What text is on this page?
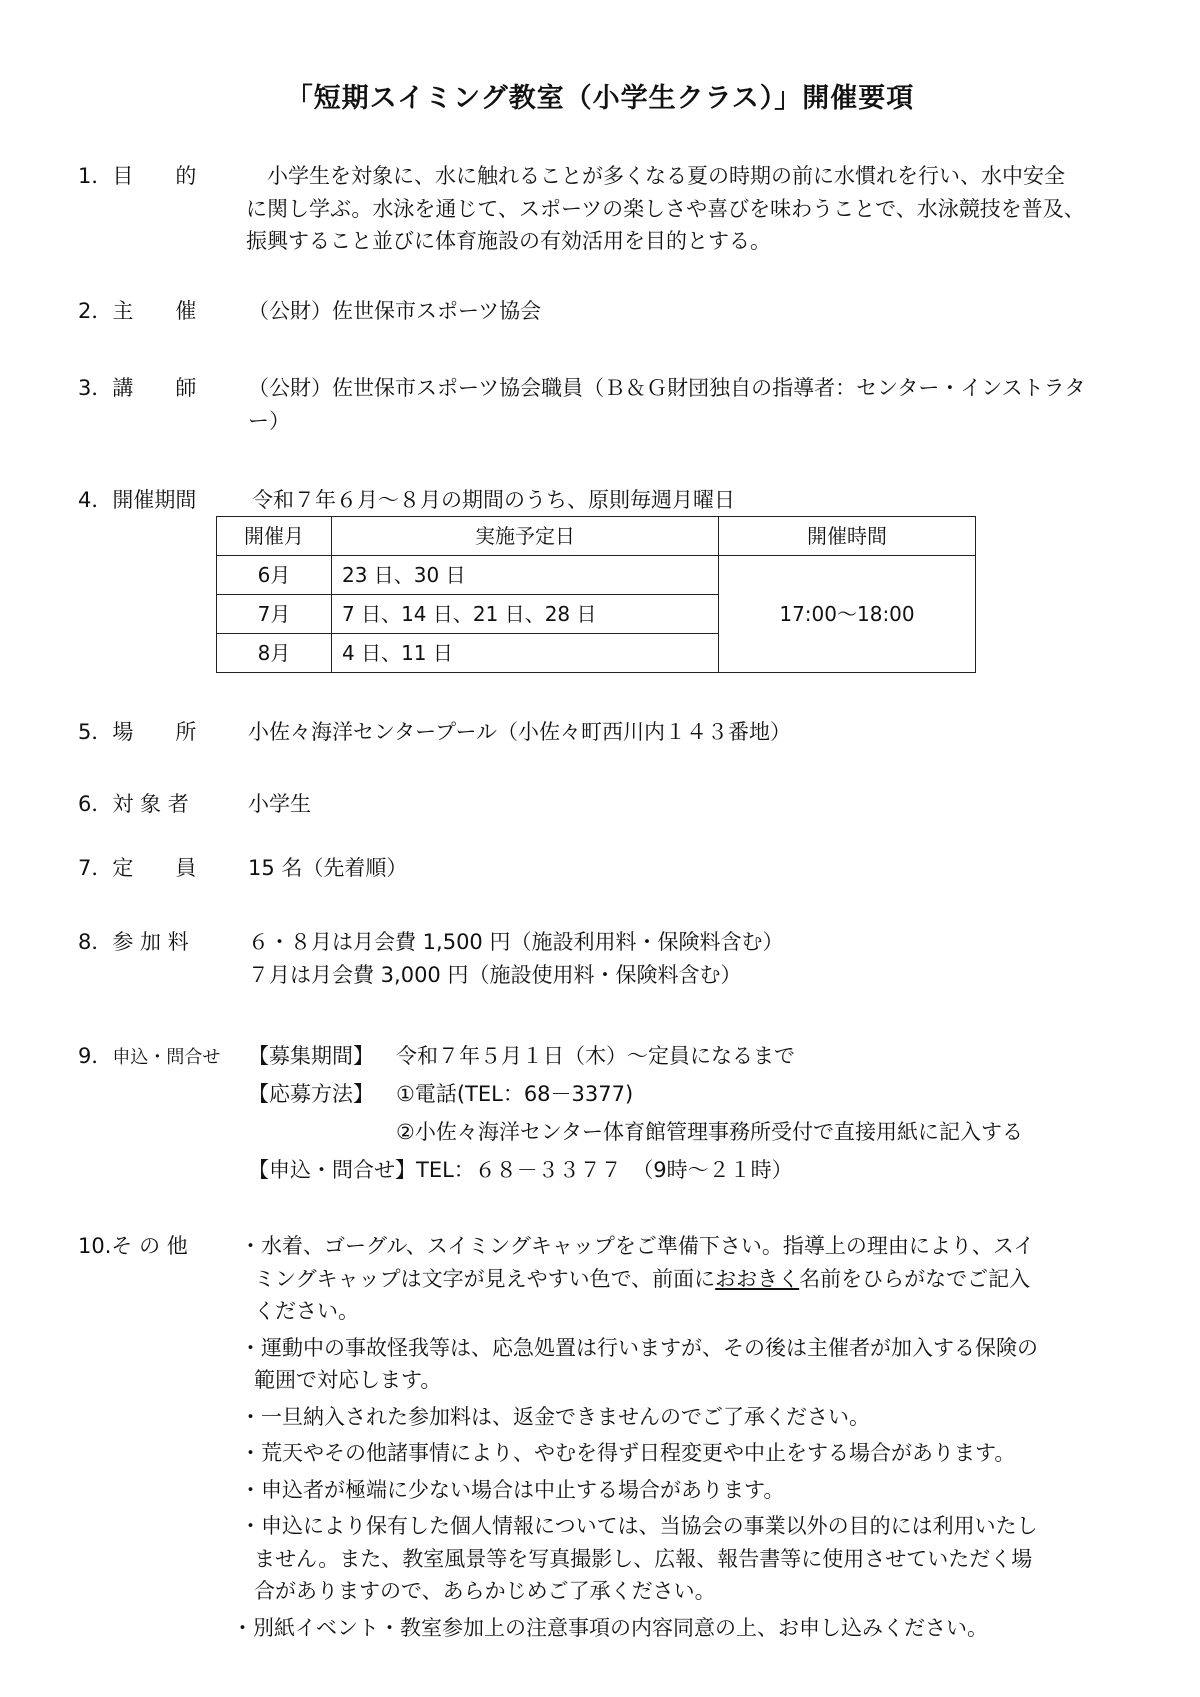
「短期スイミング教室（小学生クラス）」開催要項
1．目　　的 　小学生を対象に、水に触れることが多くなる夏の時期の前に水慣れを行い、水中安全
に関し学ぶ。水泳を通じて、スポーツの楽しさや喜びを味わうことで、水泳競技を普及、
振興すること並びに体育施設の有効活用を目的とする。
2．主　　催 （公財）佐世保市スポーツ協会
3．講　　師 （公財）佐世保市スポーツ協会職員（Ｂ＆Ｇ財団独自の指導者：センター・インストラタ
ー）
4．開催期間	令和７年６月～８月の期間のうち、原則毎週月曜日
開催月	実施予定日	開催時間
6月	23 日、30 日	17:00～18:00
7月	7 日、14 日、21 日、28 日	
8月	4 日、11 日	
5．場　　所 小佐々海洋センタープール（小佐々町西川内１４３番地）
6．対 象 者	小学生
7．定　　員 15 名（先着順）
8．参 加 料	６・８月は月会費 1,500 円（施設利用料・保険料含む）
７月は月会費 3,000 円（施設使用料・保険料含む）
9．申込・問合せ 【募集期間】 令和７年５月１日（木）～定員になるまで
【応募方法】 ①電話(TEL：68－3377)
②小佐々海洋センター体育館管理事務所受付で直接用紙に記入する
【申込・問合せ】TEL：６８－３３７７　（9時～２１時）
10.そ の 他 ・水着、ゴーグル、スイミングキャップをご準備下さい。指導上の理由により、スイ
ミングキャップは文字が見えやすい色で、前面におおきく名前をひらがなでご記入
ください。
・運動中の事故怪我等は、応急処置は行いますが、その後は主催者が加入する保険の
範囲で対応します。
・一旦納入された参加料は、返金できませんのでご了承ください。
・荒天やその他諸事情により、やむを得ず日程変更や中止をする場合があります。
・申込者が極端に少ない場合は中止する場合があります。
・申込により保有した個人情報については、当協会の事業以外の目的には利用いたし
ません。また、教室風景等を写真撮影し、広報、報告書等に使用させていただく場
合がありますので、あらかじめご了承ください。
・別紙イベント・教室参加上の注意事項の内容同意の上、お申し込みください。
